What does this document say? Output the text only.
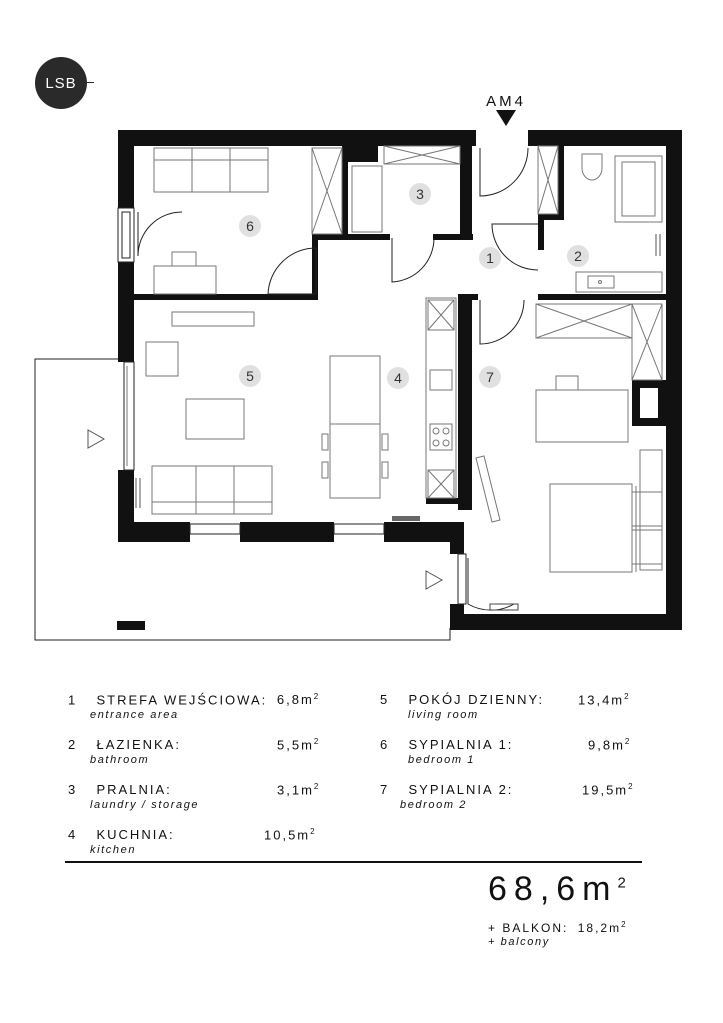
LSB
AM4
6
3
1	2
5	4	7
1 STREFA WEJŚCIOWA: $6,8m^2$
entrance area
2 ŁAZIENKA:	$5,5m^2$
bathroom
3 PRALNIA:	$3,1m^2$
laundry / storage
4 KUCHNIA:	$10,5m^2$
kitchen
5 POKÓJ DZIENNY:	$13,4m^2$
living room
6 SYPIALNIA 1:	$9,8m^2$
bedroom 1
7 SYPIALNIA 2:	$19,5m^2$
bedroom 2
$68,6m^2$
+ BALKON: $18,2m^2$
+ balcony
